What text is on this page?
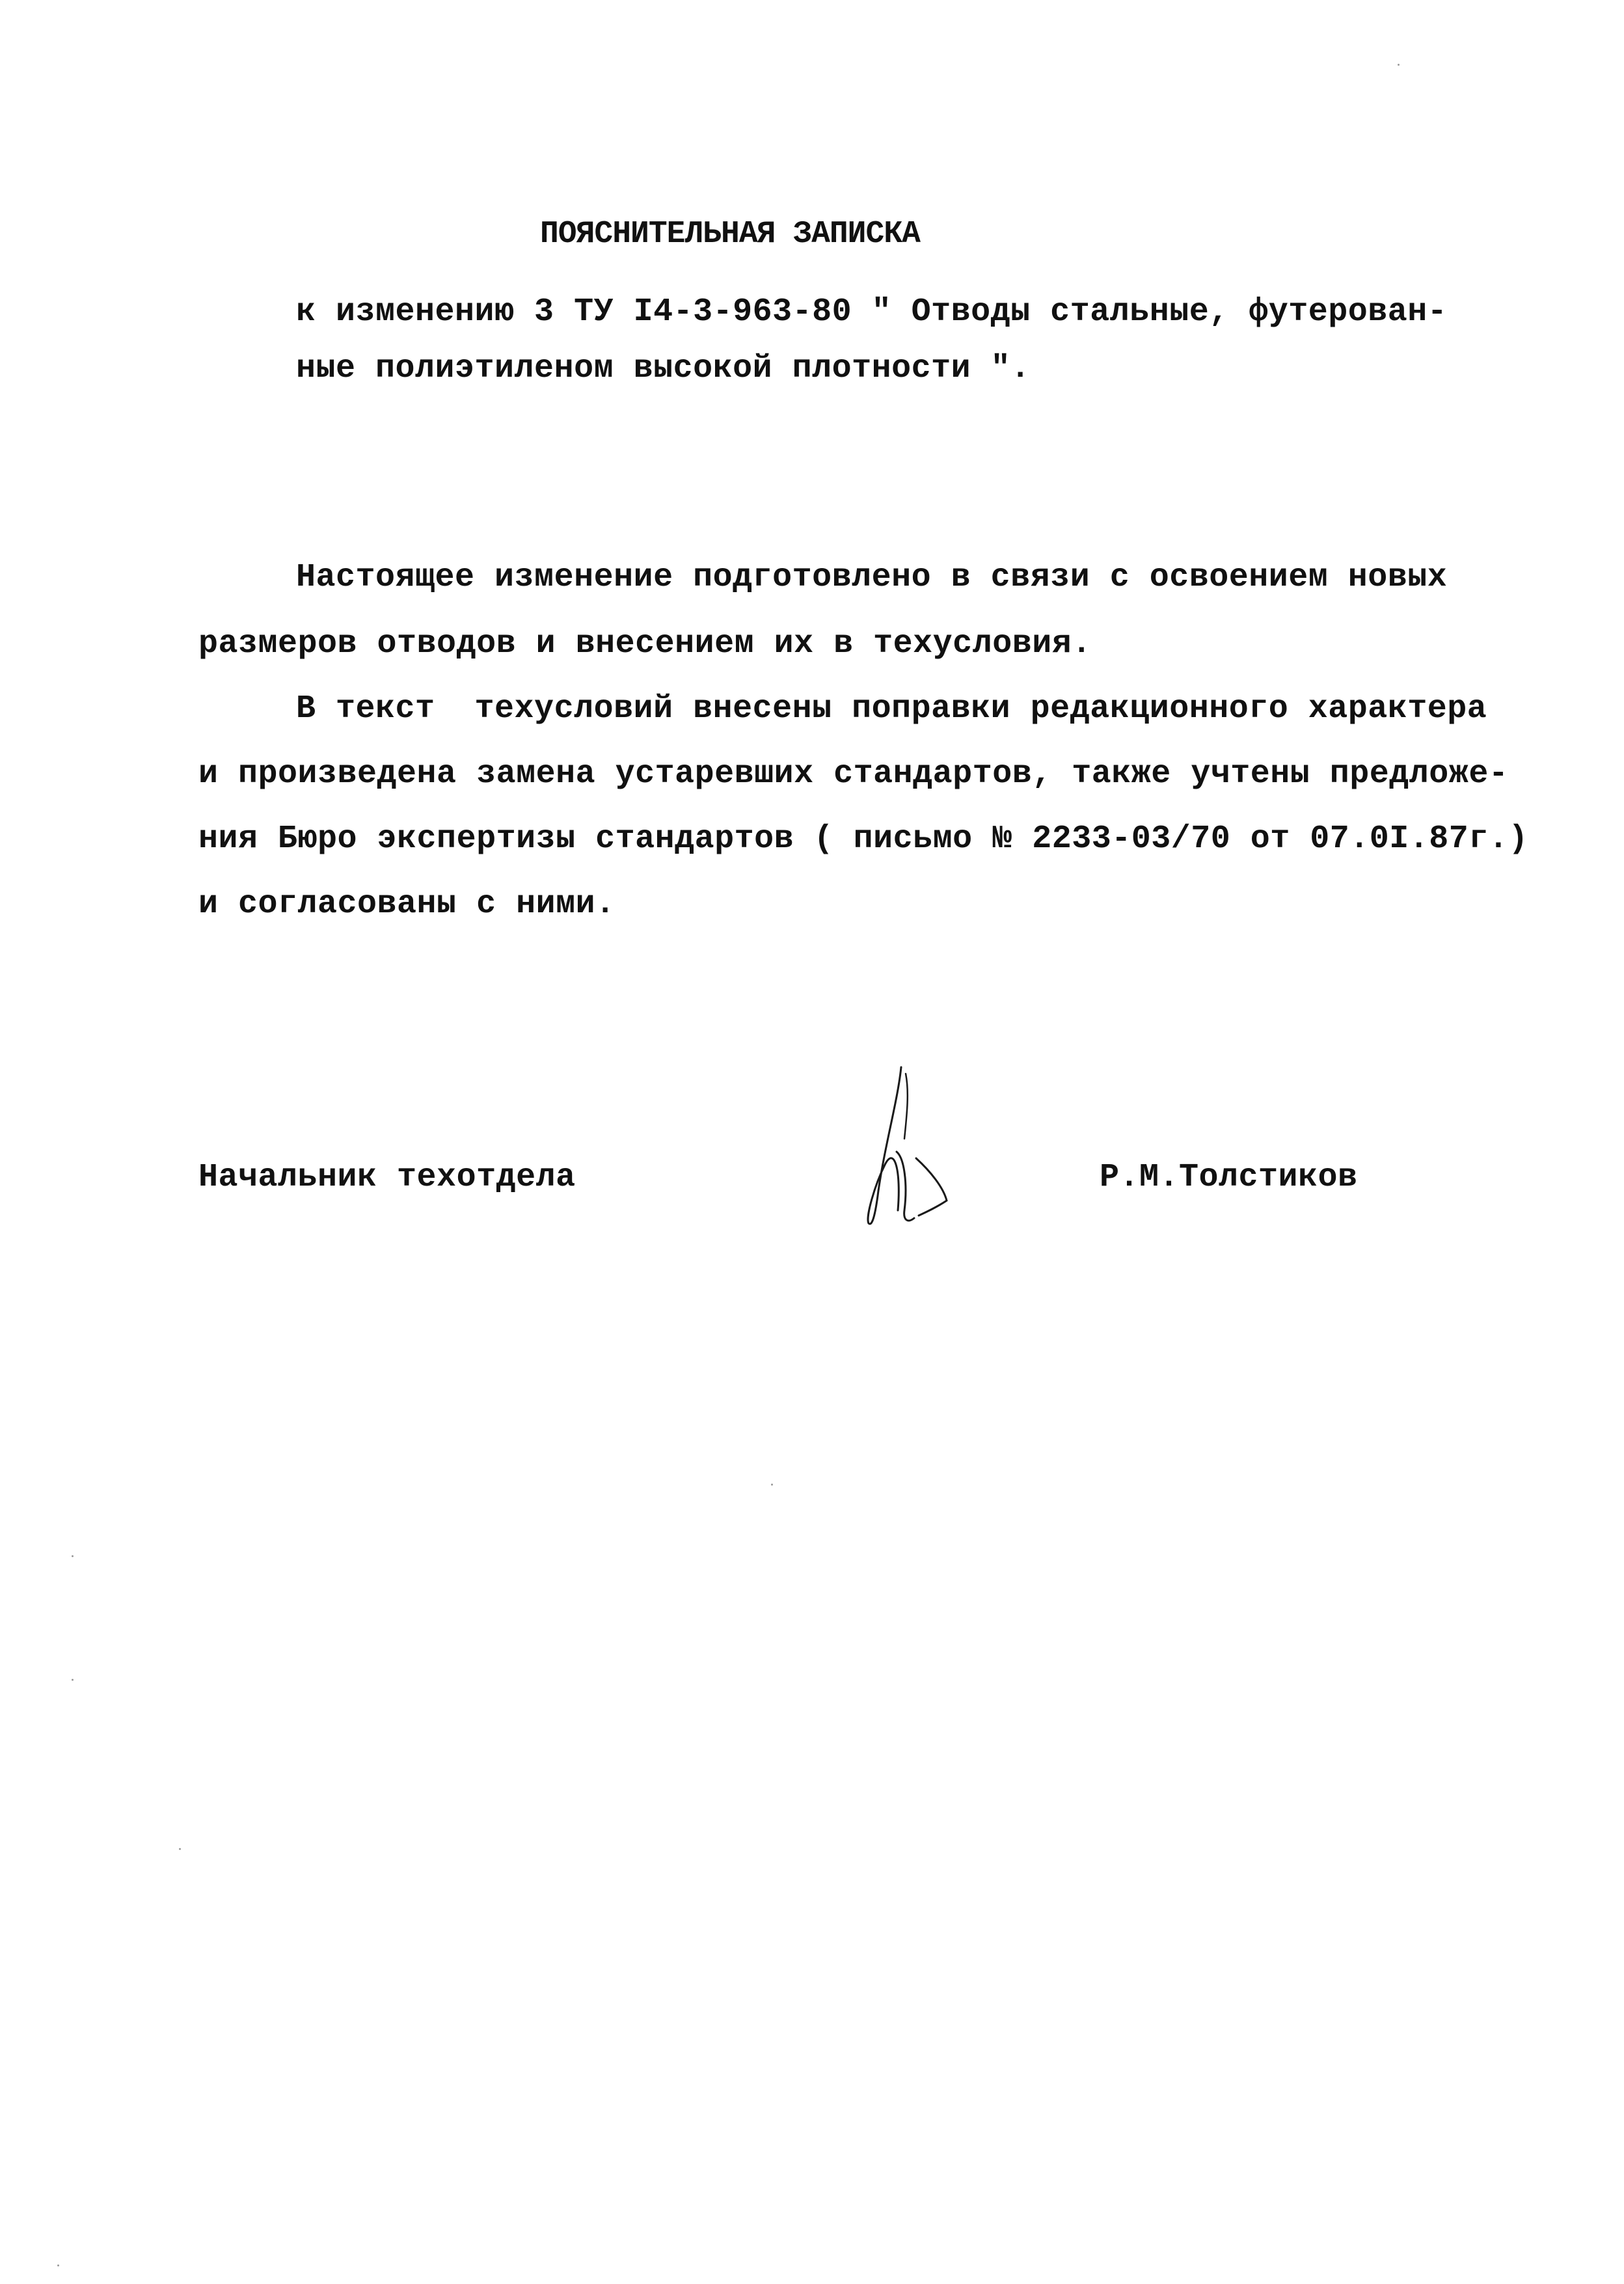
ПОЯСНИТЕЛЬНАЯ ЗАПИСКА
к изменению 3 ТУ I4-3-963-80 " Отводы стальные, футерован-
ные полиэтиленом высокой плотности ".
Настоящее изменение подготовлено в связи с освоением новых
размеров отводов и внесением их в техусловия.
В текст  техусловий внесены поправки редакционного характера
и произведена замена устаревших стандартов, также учтены предложе-
ния Бюро экспертизы стандартов ( письмо № 2233-03/70 от 07.0I.87г.)
и согласованы с ними.
Начальник техотдела	Р.М.Толстиков
